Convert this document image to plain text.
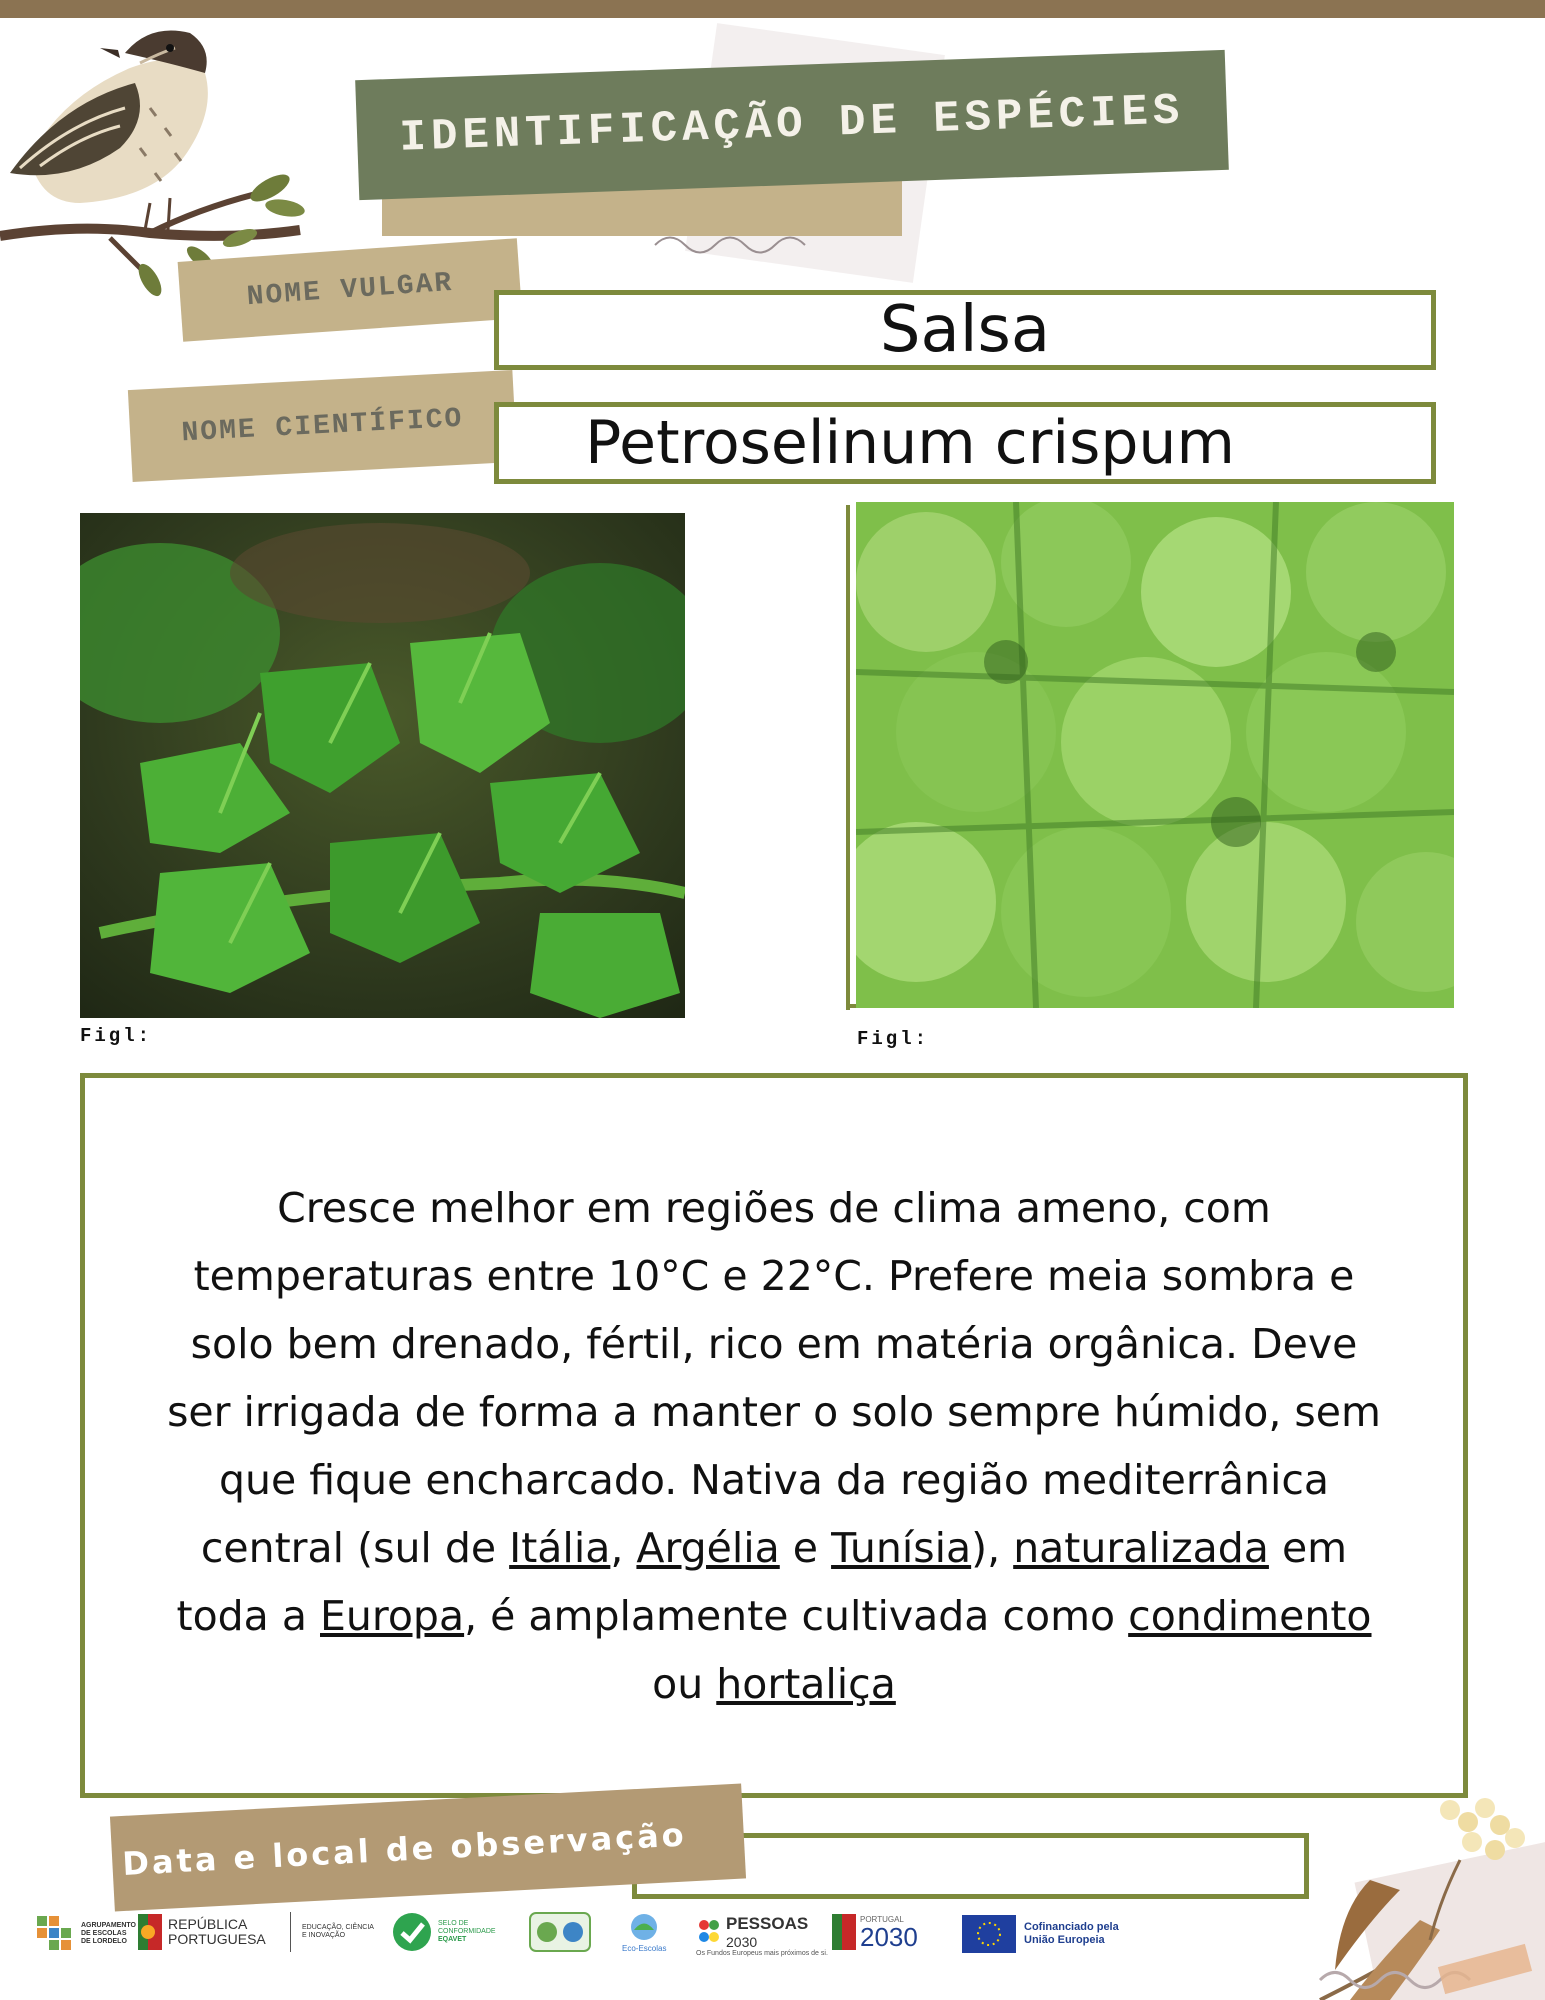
IDENTIFICAÇÃO DE ESPÉCIES
NOME VULGAR
NOME CIENTÍFICO
Salsa
Petroselinum crispum
Figl:	Figl:
Cresce melhor em regiões de clima ameno, com temperaturas entre 10°C e 22°C. Prefere meia sombra e solo bem drenado, fértil, rico em matéria orgânica. Deve ser irrigada de forma a manter o solo sempre húmido, sem que fique encharcado. Nativa da região mediterrânica central (sul de Itália, Argélia e Tunísia), naturalizada em toda a Europa, é amplamente cultivada como condimento ou hortaliça
Data e local de observação
AGRUPAMENTO DE ESCOLAS DE LORDELO
REPÚBLICA
PORTUGUESA
EDUCAÇÃO, CIÊNCIA
E INOVAÇÃO
SELO DE
CONFORMIDADE
EQAVET
Eco-Escolas
PESSOAS
2030
Os Fundos Europeus mais próximos de si.
PORTUGAL
2030	Cofinanciado pela
União Europeia
